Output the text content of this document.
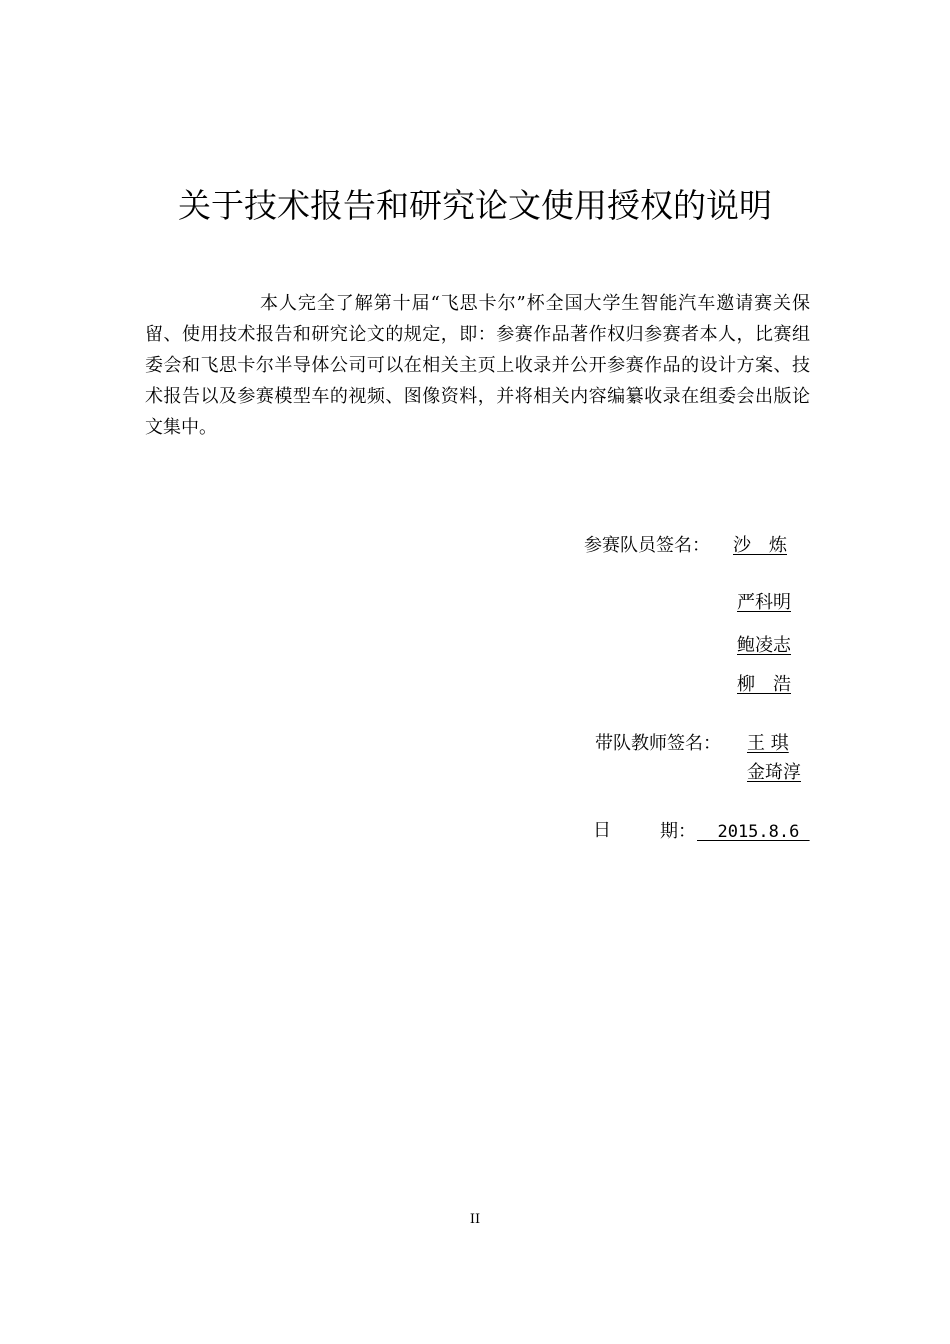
关于技术报告和研究论文使用授权的说明

本人完全了解第十届“飞思卡尔”杯全国大学生智能汽车邀请赛关保留、使用技术报告和研究论文的规定，即：参赛作品著作权归参赛者本人，比赛组委会和飞思卡尔半导体公司可以在相关主页上收录并公开参赛作品的设计方案、技术报告以及参赛模型车的视频、图像资料，并将相关内容编纂收录在组委会出版论文集中。

参赛队员签名： 沙　炼
严科明
鲍凌志
柳　浩
带队教师签名： 王 琪
金琦淳
日	期： 2015.8.6
II
